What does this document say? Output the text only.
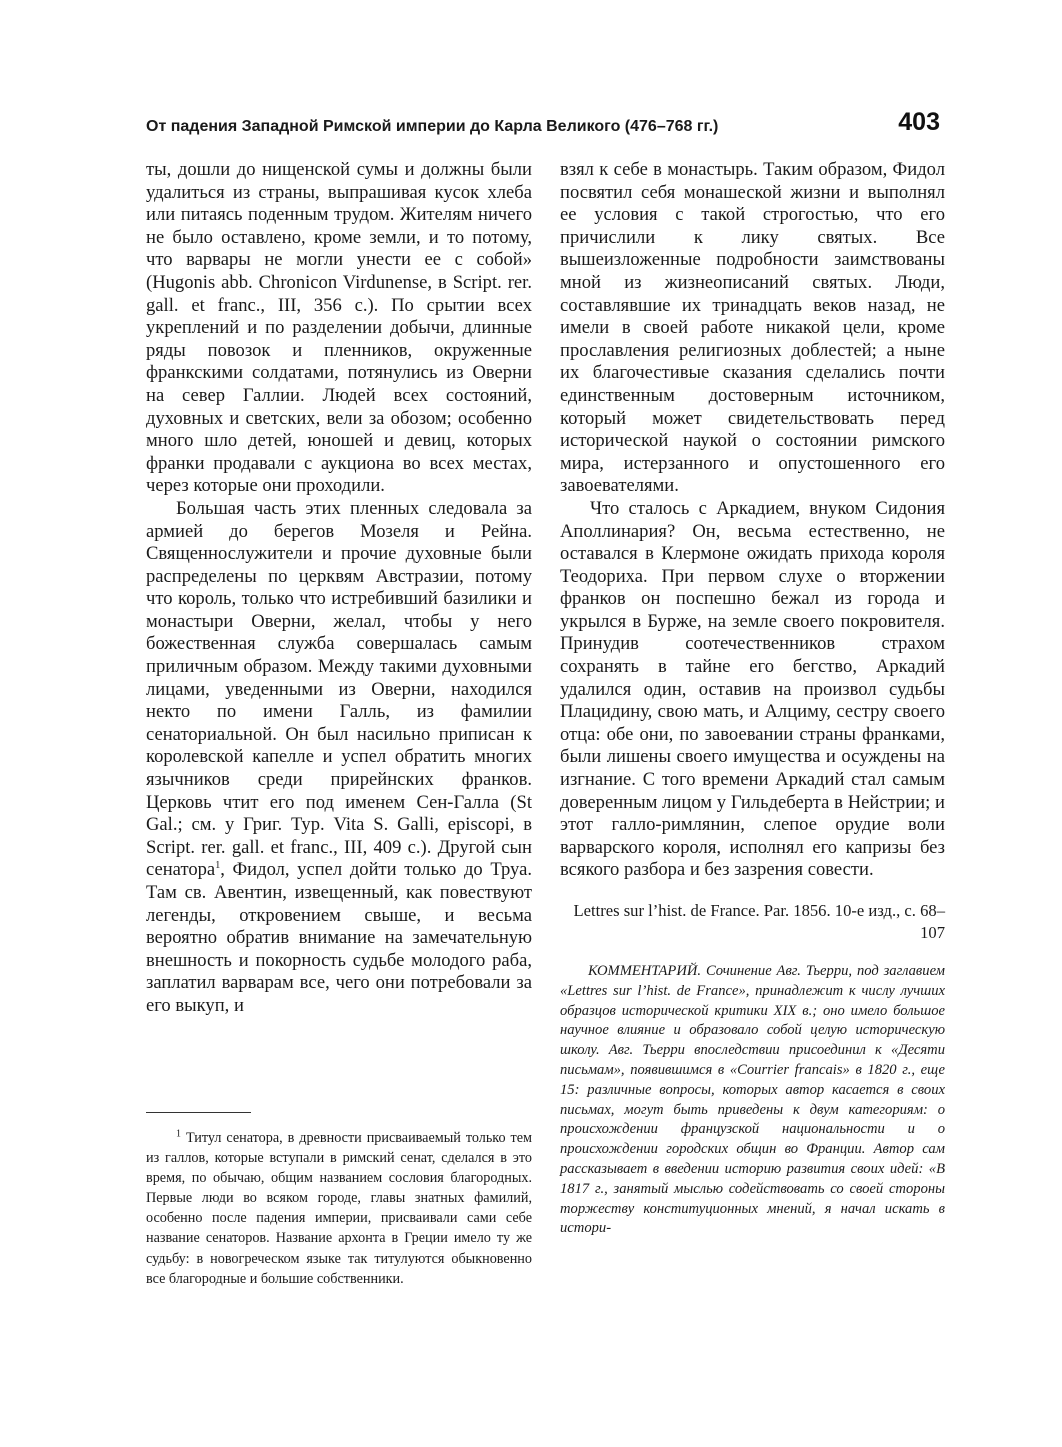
От падения Западной Римской империи до Карла Великого (476–768 гг.)	403

ты, дошли до нищенской сумы и должны были удалиться из страны, выпрашивая кусок хлеба или питаясь поденным трудом. Жителям ничего не было оставлено, кроме земли, и то потому, что варвары не могли унести ее с собой» (Hugonis abb. Chronicon Virdunense, в Script. rer. gall. et franc., III, 356 с.). По срытии всех укреплений и по разделении добычи, длинные ряды повозок и пленников, окруженные франкскими солдатами, потянулись из Оверни на север Галлии. Людей всех состояний, духовных и светских, вели за обозом; особенно много шло детей, юношей и девиц, которых франки продавали с аукциона во всех местах, через которые они проходили.

Большая часть этих пленных следовала за армией до берегов Мозеля и Рейна. Священнослужители и прочие духовные были распределены по церквям Австразии, потому что король, только что истребивший базилики и монастыри Оверни, желал, чтобы у него божественная служба совершалась самым приличным образом. Между такими духовными лицами, уведенными из Оверни, находился некто по имени Галль, из фамилии сенаториальной. Он был насильно приписан к королевской капелле и успел обратить многих язычников среди прирейнских франков. Церковь чтит его под именем Сен-Галла (St Gal.; см. у Григ. Тур. Vita S. Galli, episcopi, в Script. rer. gall. et franc., III, 409 с.). Другой сын сенатора$^1$, Фидол, успел дойти только до Труа. Там св. Авентин, извещенный, как повествуют легенды, откровением свыше, и весьма вероятно обратив внимание на замечательную внешность и покорность судьбе молодого раба, заплатил варварам все, чего они потребовали за его выкуп, и

взял к себе в монастырь. Таким образом, Фидол посвятил себя монашеской жизни и выполнял ее условия с такой строгостью, что его причислили к лику святых. Все вышеизложенные подробности заимствованы мной из жизнеописаний святых. Люди, составлявшие их тринадцать веков назад, не имели в своей работе никакой цели, кроме прославления религиозных доблестей; а ныне их благочестивые сказания сделались почти единственным достоверным источником, который может свидетельствовать перед исторической наукой о состоянии римского мира, истерзанного и опустошенного его завоевателями.

Что сталось с Аркадием, внуком Сидония Аполлинария? Он, весьма естественно, не оставался в Клермоне ожидать прихода короля Теодориха. При первом слухе о вторжении франков он поспешно бежал из города и укрылся в Бурже, на земле своего покровителя. Принудив соотечественников страхом сохранять в тайне его бегство, Аркадий удалился один, оставив на произвол судьбы Плацидину, свою мать, и Алциму, сестру своего отца: обе они, по завоевании страны франками, были лишены своего имущества и осуждены на изгнание. С того времени Аркадий стал самым доверенным лицом у Гильдеберта в Нейстрии; и этот галло-римлянин, слепое орудие воли варварского короля, исполнял его капризы без всякого разбора и без зазрения совести.

Lettres sur l’hist. de France. Par. 1856. 10-е изд., с. 68–107

КОММЕНТАРИЙ. Сочинение Авг. Тьерри, под заглавием «Lettres sur l’hist. de France», принадлежит к числу лучших образцов исторической критики XIX в.; оно имело большое научное влияние и образовало собой целую историческую школу. Авг. Тьерри впоследствии присоединил к «Десяти письмам», появившимся в «Courrier francais» в 1820 г., еще 15: различные вопросы, которых автор касается в своих письмах, могут быть приведены к двум категориям: о происхождении французской национальности и о происхождении городских общин во Франции. Автор сам рассказывает в введении историю развития своих идей: «В 1817 г., занятый мыслью содействовать со своей стороны торжеству конституционных мнений, я начал искать в истори-

$^1$ Титул сенатора, в древности присваиваемый только тем из галлов, которые вступали в римский сенат, сделался в это время, по обычаю, общим названием сословия благородных. Первые люди во всяком городе, главы знатных фамилий, особенно после падения империи, присваивали сами себе название сенаторов. Название архонта в Греции имело ту же судьбу: в новогреческом языке так титулуются обыкновенно все благородные и большие собственники.
